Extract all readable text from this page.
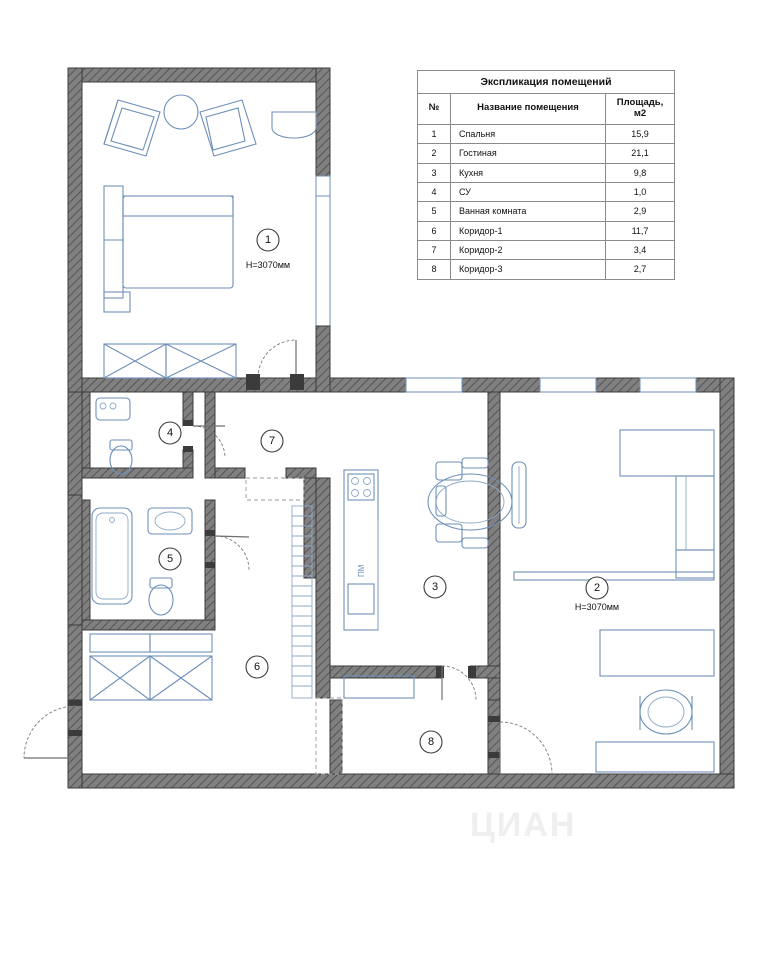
1
H=3070мм
2
H=3070мм
3
4
5
6
7
8
ПМ
Экспликация помещений
№	Название помещения	Площадь,
м2
1	Спальня	15,9
2	Гостиная	21,1
3	Кухня	9,8
4	СУ	1,0
5	Ванная комната	2,9
6	Коридор-1	11,7
7	Коридор-2	3,4
8	Коридор-3	2,7
ЦИАН
